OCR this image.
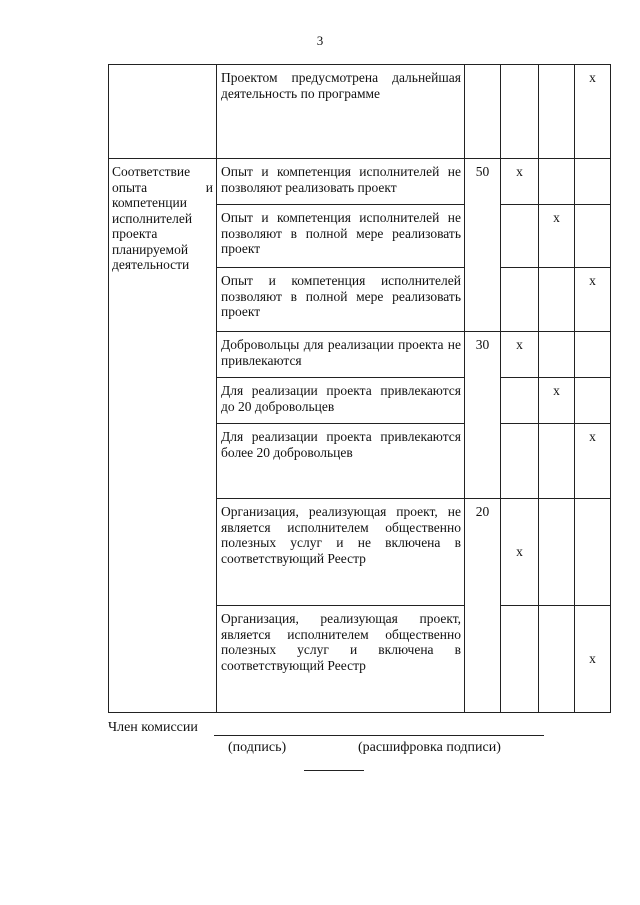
3
	Проектом предусмотрена дальнейшая деятельность по программе				x
Соответствие опыта и компетенции исполнителей проекта планируемой деятельности	Опыт и компетенция исполнителей не позволяют реализовать проект	50	x		
	Опыт и компетенция исполнителей не позволяют в полной мере реализовать проект			x	
	Опыт и компетенция исполнителей позволяют в полной мере реализовать проект				x
	Добровольцы для реализации проекта не привлекаются	30	x		
	Для реализации проекта привлекаются до 20 добровольцев			x	
	Для реализации проекта привлекаются более 20 добровольцев				x
	Организация, реализующая проект, не является исполнителем общественно полезных услуг и не включена в соответствующий Реестр	20	x		
	Организация, реализующая проект, является исполнителем общественно полезных услуг и включена в соответствующий Реестр				x
Член комиссии
(подпись)	(расшифровка подписи)
